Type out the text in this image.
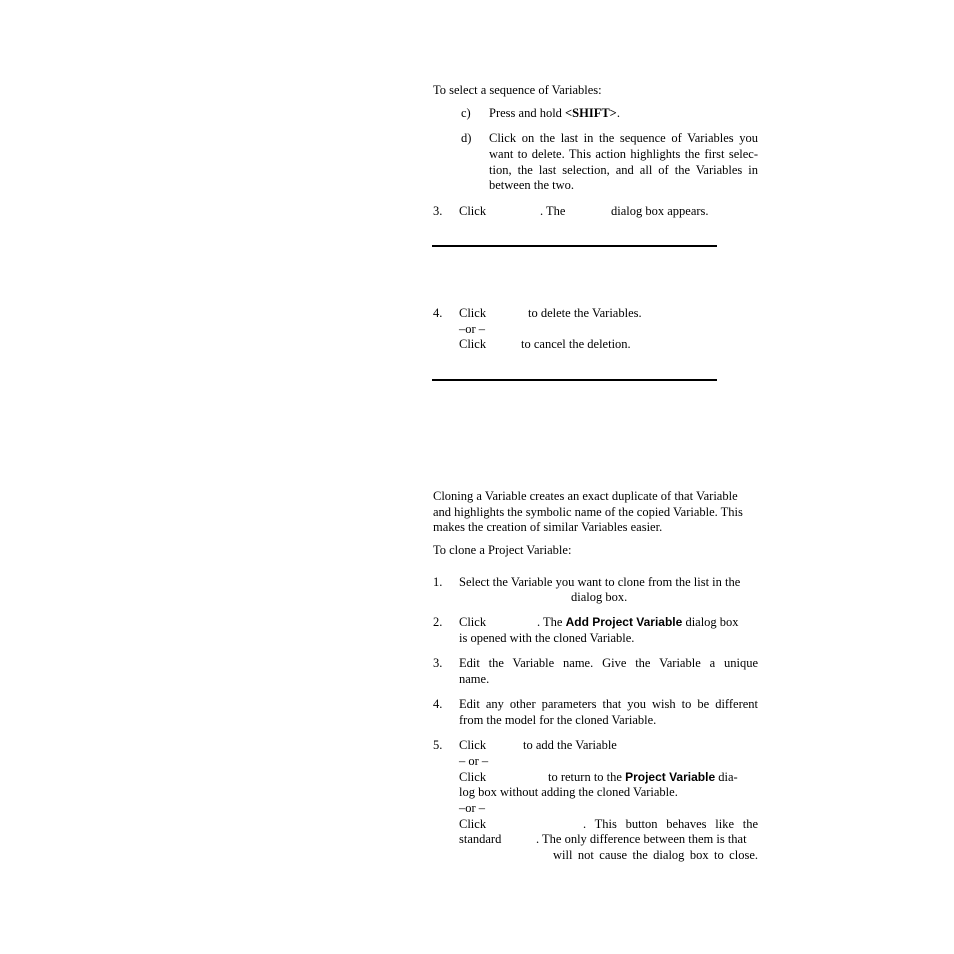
To select a sequence of Variables:
c) Press and hold <SHIFT>.
d) Click on the last in the sequence of Variables you
want to delete. This action highlights the first selec-
tion, the last selection, and all of the Variables in
between the two.
3. Click	. The	dialog box appears.
4. Click	to delete the Variables.
–or –
Click	to cancel the deletion.
Cloning a Variable creates an exact duplicate of that Variable
and highlights the symbolic name of the copied Variable. This
makes the creation of similar Variables easier.
To clone a Project Variable:
1. Select the Variable you want to clone from the list in the
dialog box.
2. Click	. The Add Project Variable dialog box
is opened with the cloned Variable.
3. Edit the Variable name. Give the Variable a unique
name.
4. Edit any other parameters that you wish to be different
from the model for the cloned Variable.
5. Click	to add the Variable
– or –
Click	to return to the Project Variable dia-
log box without adding the cloned Variable.
–or –
Click	. This button behaves like the
standard	. The only difference between them is that
will not cause the dialog box to close.
